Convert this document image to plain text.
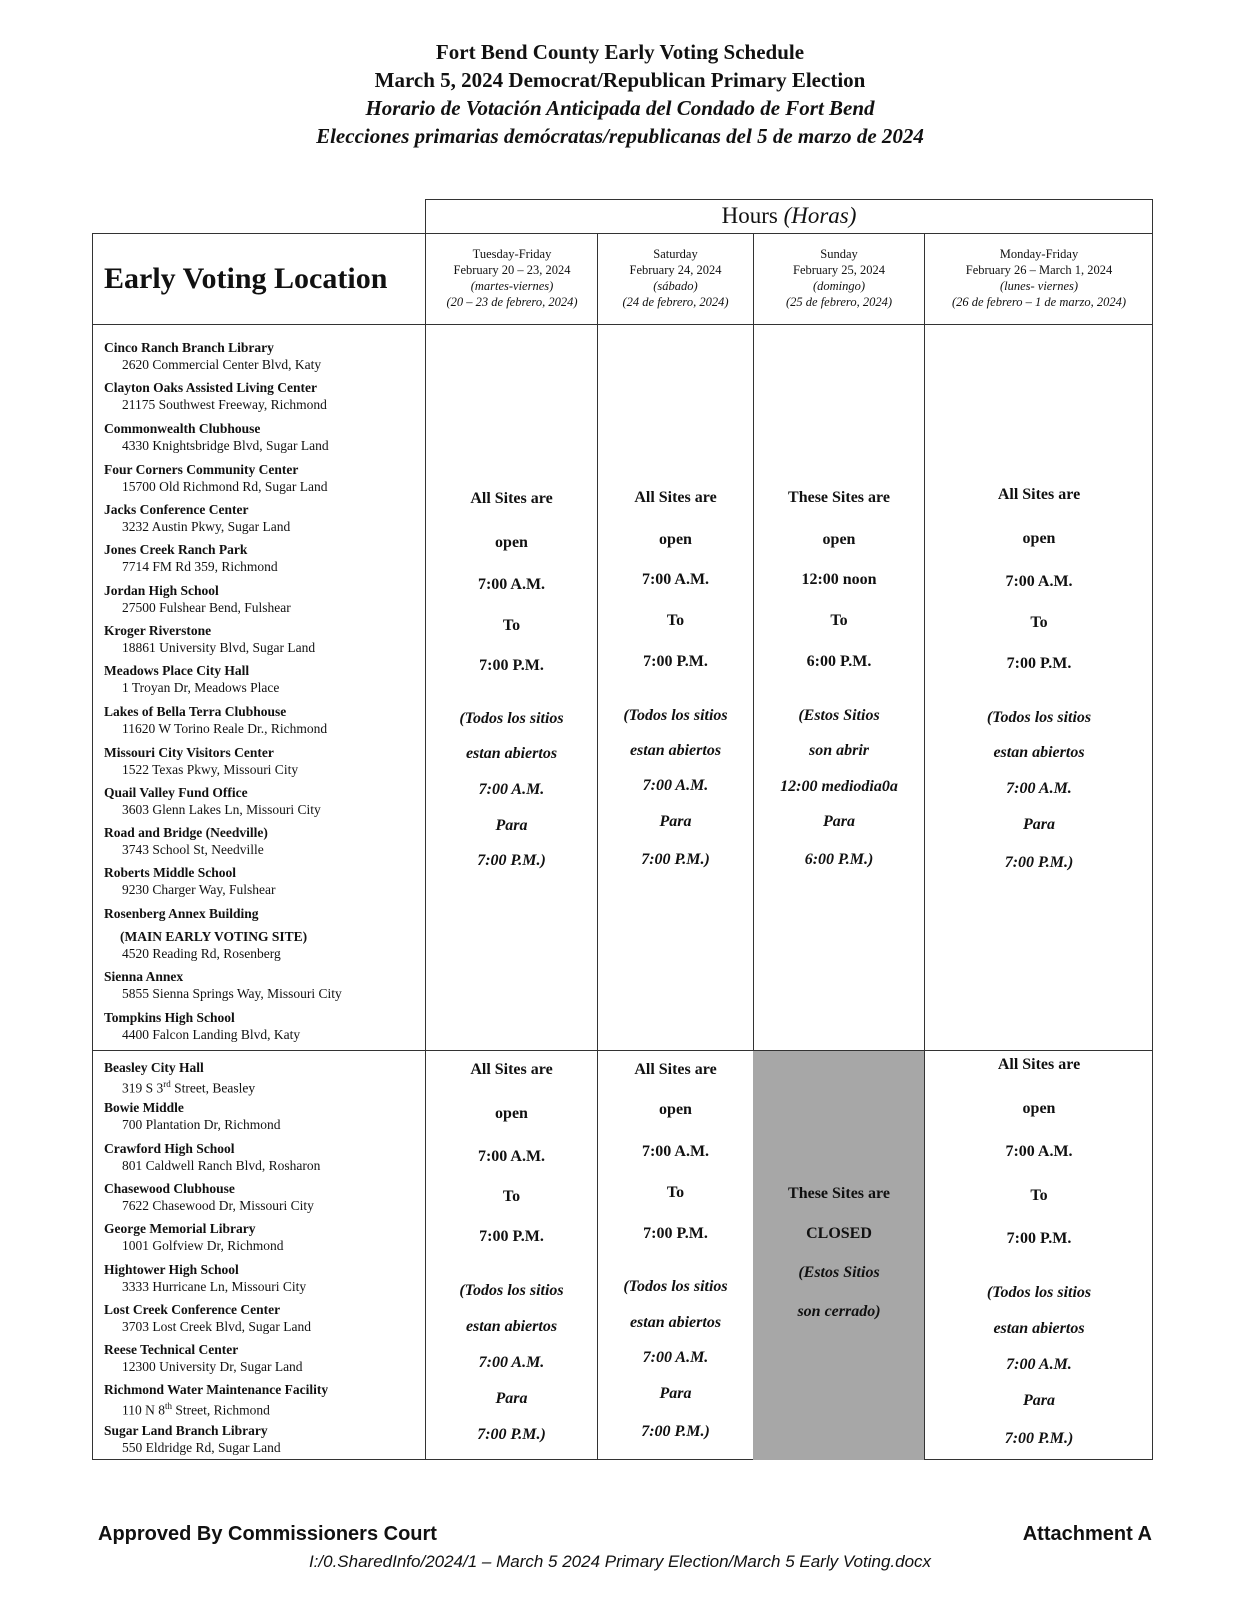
Fort Bend County Early Voting Schedule
March 5, 2024 Democrat/Republican Primary Election
Horario de Votación Anticipada del Condado de Fort Bend
Elecciones primarias demócratas/republicanas del 5 de marzo de 2024
Hours (Horas)
Early Voting Location
Tuesday-Friday
February 20 – 23, 2024
(martes-viernes)
(20 – 23 de febrero, 2024)
Saturday
February 24, 2024
(sábado)
(24 de febrero, 2024)
Sunday
February 25, 2024
(domingo)
(25 de febrero, 2024)
Monday-Friday
February 26 – March 1, 2024
(lunes- viernes)
(26 de febrero – 1 de marzo, 2024)
Cinco Ranch Branch Library
2620 Commercial Center Blvd, Katy
Clayton Oaks Assisted Living Center
21175 Southwest Freeway, Richmond
Commonwealth Clubhouse
4330 Knightsbridge Blvd, Sugar Land
Four Corners Community Center
15700 Old Richmond Rd, Sugar Land
Jacks Conference Center
3232 Austin Pkwy, Sugar Land
Jones Creek Ranch Park
7714 FM Rd 359, Richmond
Jordan High School
27500 Fulshear Bend, Fulshear
Kroger Riverstone
18861 University Blvd, Sugar Land
Meadows Place City Hall
1 Troyan Dr, Meadows Place
Lakes of Bella Terra Clubhouse
11620 W Torino Reale Dr., Richmond
Missouri City Visitors Center
1522 Texas Pkwy, Missouri City
Quail Valley Fund Office
3603 Glenn Lakes Ln, Missouri City
Road and Bridge (Needville)
3743 School St, Needville
Roberts Middle School
9230 Charger Way, Fulshear
Rosenberg Annex Building
(MAIN EARLY VOTING SITE)
4520 Reading Rd, Rosenberg
Sienna Annex
5855 Sienna Springs Way, Missouri City
Tompkins High School
4400 Falcon Landing Blvd, Katy
All Sites are
open
7:00 A.M.
To
7:00 P.M.
(Todos los sitios
estan abiertos
7:00 A.M.
Para
7:00 P.M.)
All Sites are
open
7:00 A.M.
To
7:00 P.M.
(Todos los sitios
estan abiertos
7:00 A.M.
Para
7:00 P.M.)
These Sites are
open
12:00 noon
To
6:00 P.M.
(Estos Sitios
son abrir
12:00 mediodia0a
Para
6:00 P.M.)
All Sites are
open
7:00 A.M.
To
7:00 P.M.
(Todos los sitios
estan abiertos
7:00 A.M.
Para
7:00 P.M.)
Beasley City Hall
319 S 3rd Street, Beasley
Bowie Middle
700 Plantation Dr, Richmond
Crawford High School
801 Caldwell Ranch Blvd, Rosharon
Chasewood Clubhouse
7622 Chasewood Dr, Missouri City
George Memorial Library
1001 Golfview Dr, Richmond
Hightower High School
3333 Hurricane Ln, Missouri City
Lost Creek Conference Center
3703 Lost Creek Blvd, Sugar Land
Reese Technical Center
12300 University Dr, Sugar Land
Richmond Water Maintenance Facility
110 N 8th Street, Richmond
Sugar Land Branch Library
550 Eldridge Rd, Sugar Land
All Sites are
open
7:00 A.M.
To
7:00 P.M.
(Todos los sitios
estan abiertos
7:00 A.M.
Para
7:00 P.M.)
All Sites are
open
7:00 A.M.
To
7:00 P.M.
(Todos los sitios
estan abiertos
7:00 A.M.
Para
7:00 P.M.)
These Sites are
CLOSED
(Estos Sitios
son cerrado)
All Sites are
open
7:00 A.M.
To
7:00 P.M.
(Todos los sitios
estan abiertos
7:00 A.M.
Para
7:00 P.M.)
Approved By Commissioners Court	Attachment A
I:/0.SharedInfo/2024/1 – March 5 2024 Primary Election/March 5 Early Voting.docx
